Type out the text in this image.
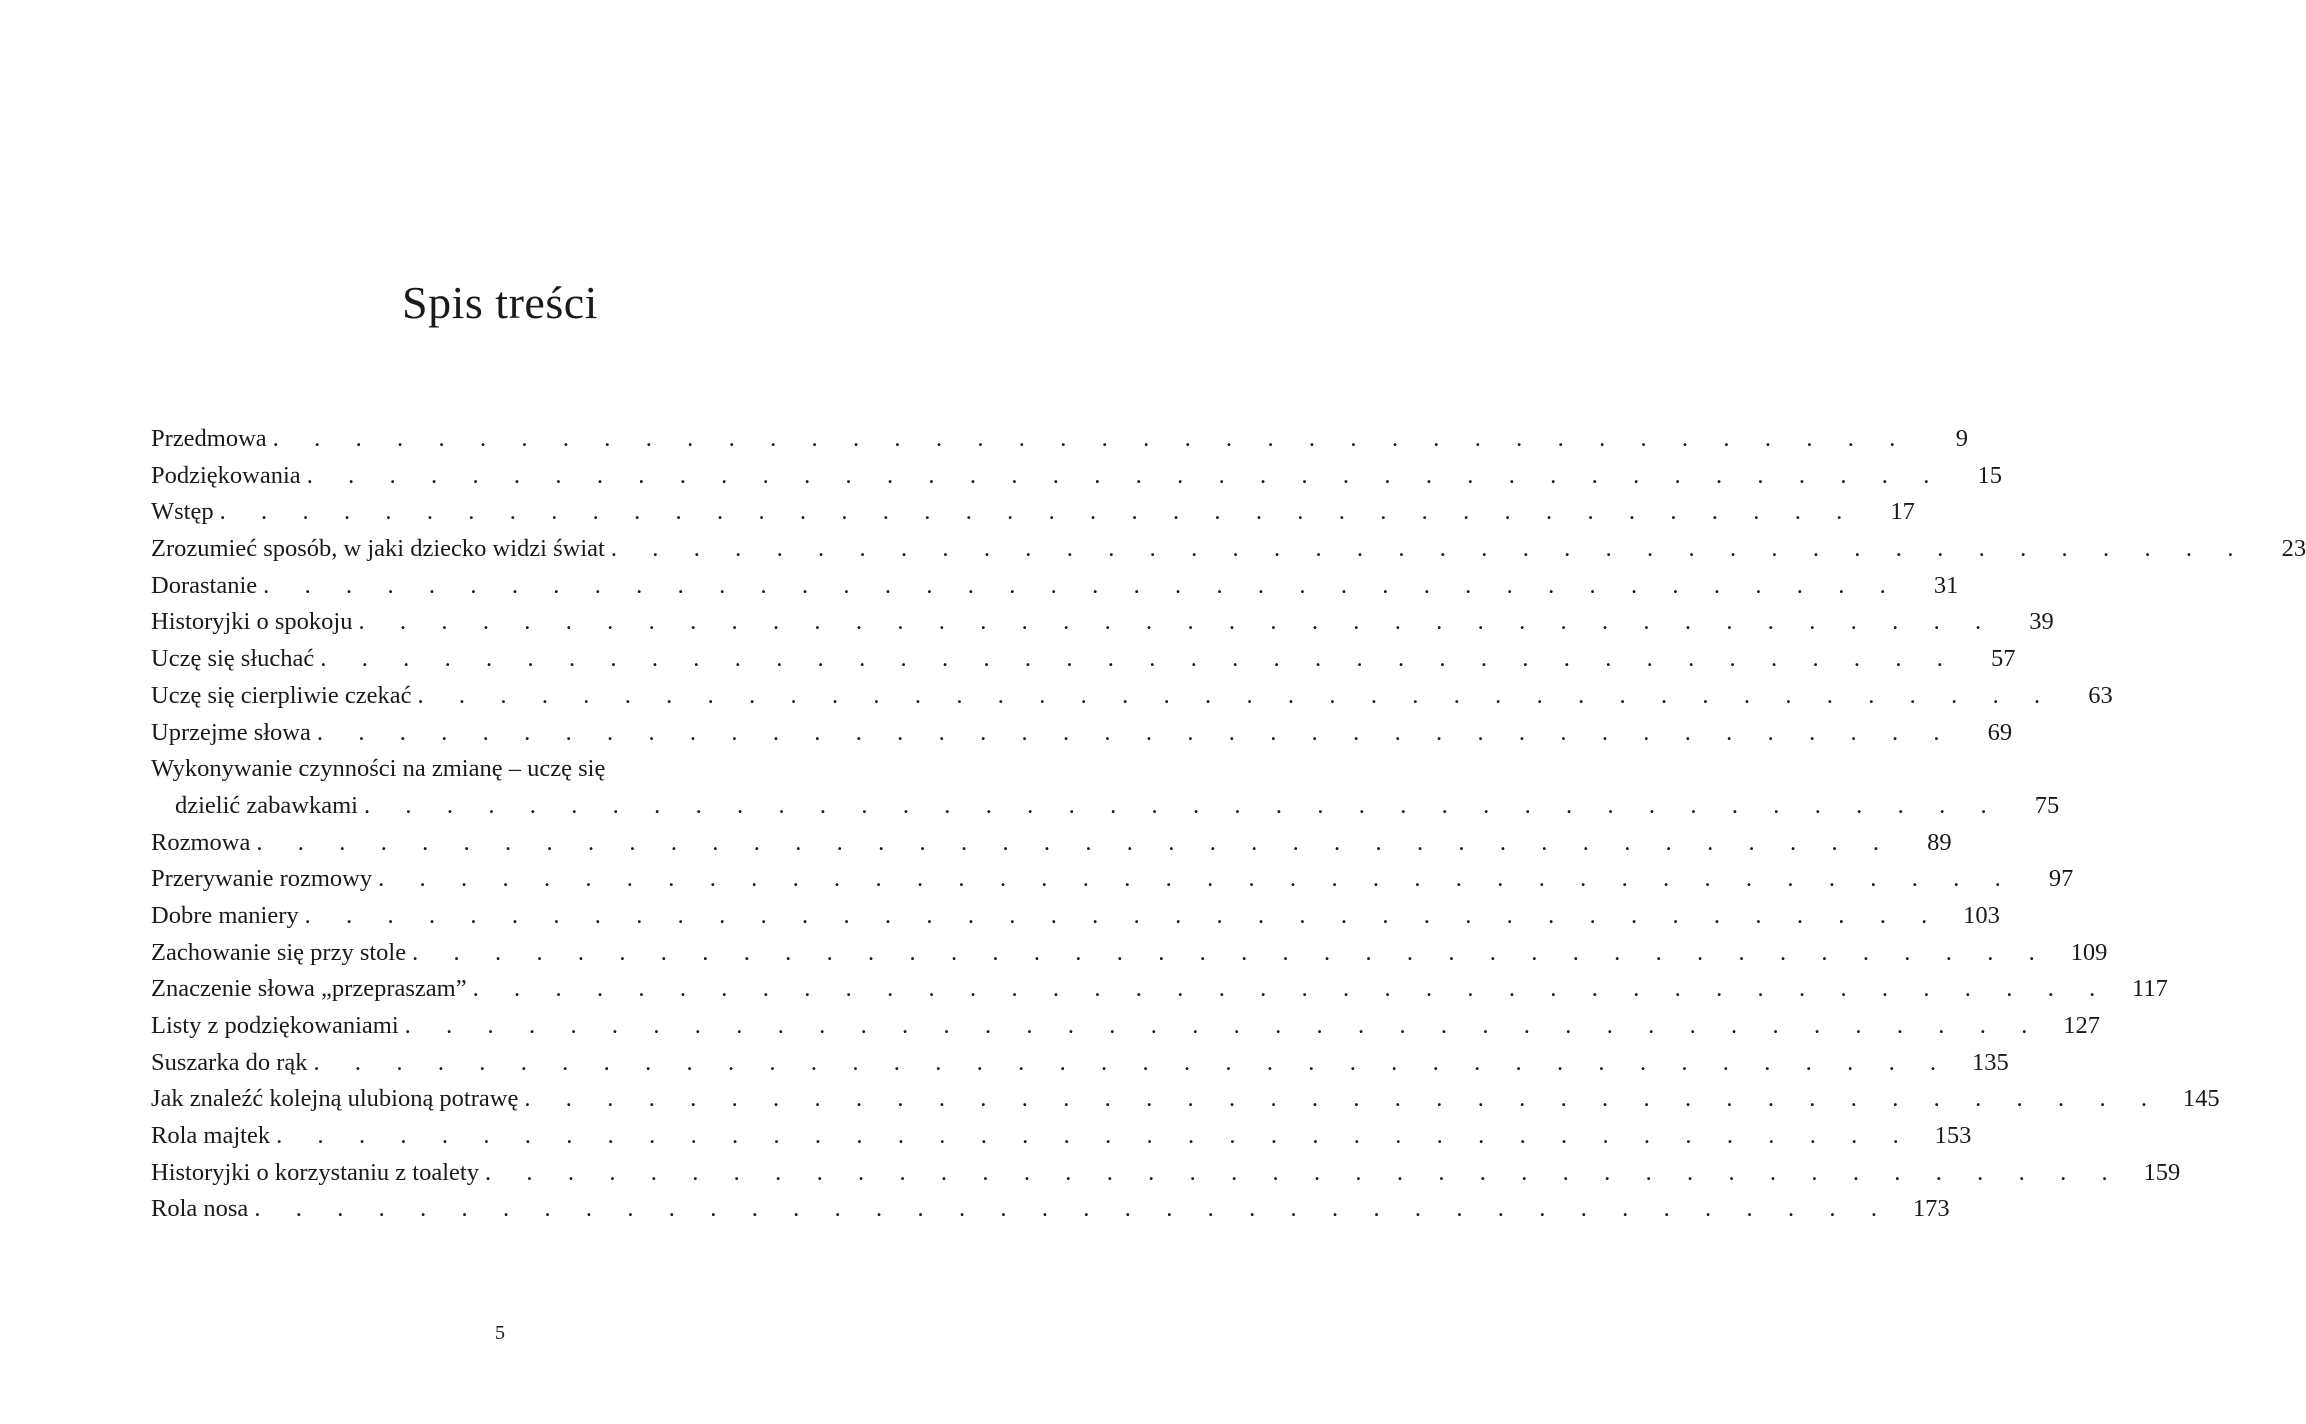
Spis treści
Przedmowa . . . . . . . . . . . . . . . . . . . . . . . . . . . . . . . . . . . . . . . .	9
Podziękowania . . . . . . . . . . . . . . . . . . . . . . . . . . . . . . . . . . . . . . . .	15
Wstęp . . . . . . . . . . . . . . . . . . . . . . . . . . . . . . . . . . . . . . . .	17
Zrozumieć sposób, w jaki dziecko widzi świat . . . . . . . . . . . . . . . . . . . . . . . . . . . . . . . . . . . . . . . .	23
Dorastanie . . . . . . . . . . . . . . . . . . . . . . . . . . . . . . . . . . . . . . . .	31
Historyjki o spokoju . . . . . . . . . . . . . . . . . . . . . . . . . . . . . . . . . . . . . . . .	39
Uczę się słuchać . . . . . . . . . . . . . . . . . . . . . . . . . . . . . . . . . . . . . . . .	57
Uczę się cierpliwie czekać . . . . . . . . . . . . . . . . . . . . . . . . . . . . . . . . . . . . . . . .	63
Uprzejme słowa . . . . . . . . . . . . . . . . . . . . . . . . . . . . . . . . . . . . . . . .	69
Wykonywanie czynności na zmianę – uczę się
dzielić zabawkami . . . . . . . . . . . . . . . . . . . . . . . . . . . . . . . . . . . . . . . .	75
Rozmowa . . . . . . . . . . . . . . . . . . . . . . . . . . . . . . . . . . . . . . . .	89
Przerywanie rozmowy . . . . . . . . . . . . . . . . . . . . . . . . . . . . . . . . . . . . . . . .	97
Dobre maniery . . . . . . . . . . . . . . . . . . . . . . . . . . . . . . . . . . . . . . . . 103
Zachowanie się przy stole . . . . . . . . . . . . . . . . . . . . . . . . . . . . . . . . . . . . . . . . 109
Znaczenie słowa „przepraszam” . . . . . . . . . . . . . . . . . . . . . . . . . . . . . . . . . . . . . . . . 117
Listy z podziękowaniami . . . . . . . . . . . . . . . . . . . . . . . . . . . . . . . . . . . . . . . . 127
Suszarka do rąk . . . . . . . . . . . . . . . . . . . . . . . . . . . . . . . . . . . . . . . . 135
Jak znaleźć kolejną ulubioną potrawę . . . . . . . . . . . . . . . . . . . . . . . . . . . . . . . . . . . . . . . . 145
Rola majtek . . . . . . . . . . . . . . . . . . . . . . . . . . . . . . . . . . . . . . . . 153
Historyjki o korzystaniu z toalety . . . . . . . . . . . . . . . . . . . . . . . . . . . . . . . . . . . . . . . . 159
Rola nosa . . . . . . . . . . . . . . . . . . . . . . . . . . . . . . . . . . . . . . . . 173
5
